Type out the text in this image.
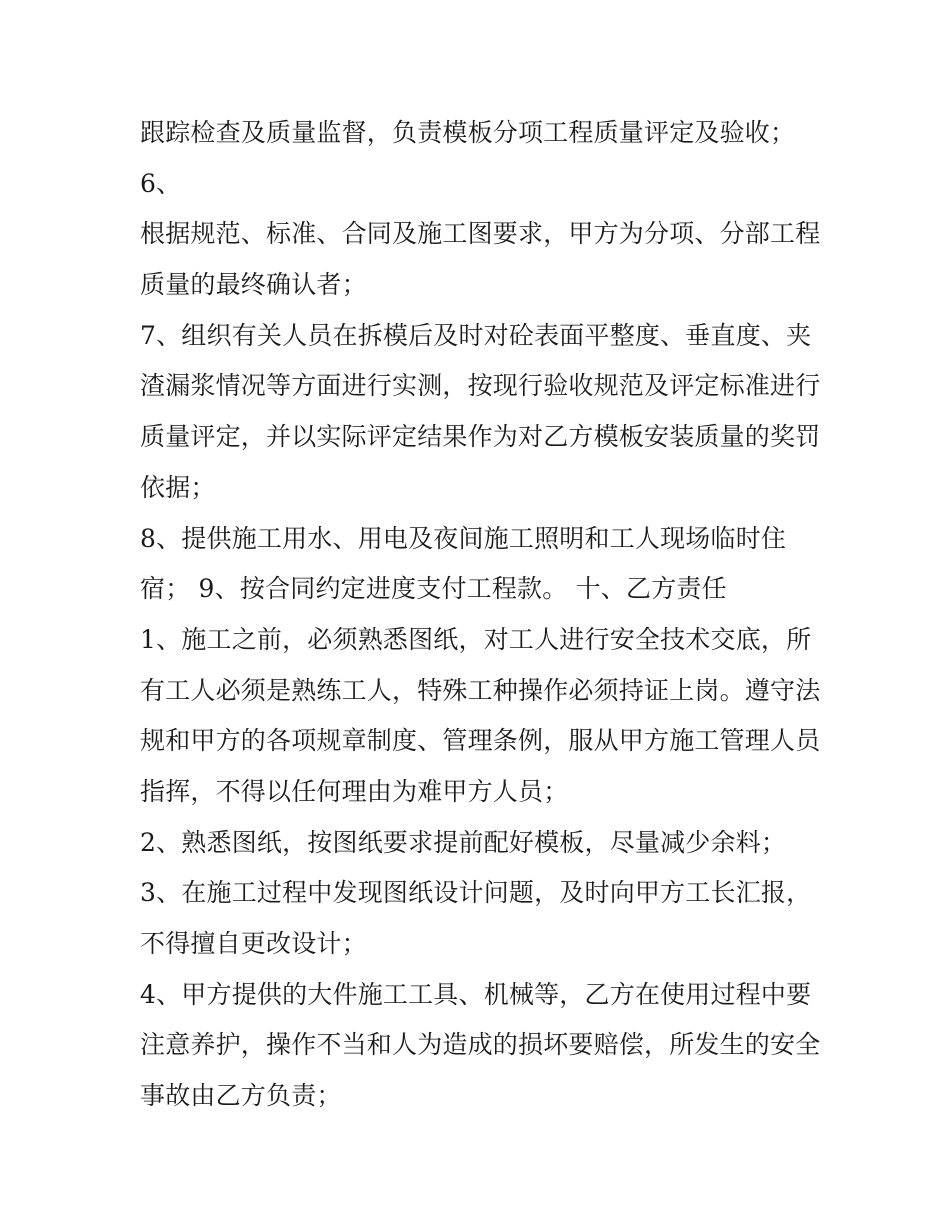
跟踪检查及质量监督，负责模板分项工程质量评定及验收；
6、
根据规范、标准、合同及施工图要求，甲方为分项、分部工程
质量的最终确认者；
7、组织有关人员在拆模后及时对砼表面平整度、垂直度、夹
渣漏浆情况等方面进行实测，按现行验收规范及评定标准进行
质量评定，并以实际评定结果作为对乙方模板安装质量的奖罚
依据；
8、提供施工用水、用电及夜间施工照明和工人现场临时住
宿； 9、按合同约定进度支付工程款。 十、乙方责任
1、施工之前，必须熟悉图纸，对工人进行安全技术交底，所
有工人必须是熟练工人，特殊工种操作必须持证上岗。遵守法
规和甲方的各项规章制度、管理条例，服从甲方施工管理人员
指挥，不得以任何理由为难甲方人员；
2、熟悉图纸，按图纸要求提前配好模板，尽量减少余料；
3、在施工过程中发现图纸设计问题，及时向甲方工长汇报，
不得擅自更改设计；
4、甲方提供的大件施工工具、机械等，乙方在使用过程中要
注意养护，操作不当和人为造成的损坏要赔偿，所发生的安全
事故由乙方负责；
